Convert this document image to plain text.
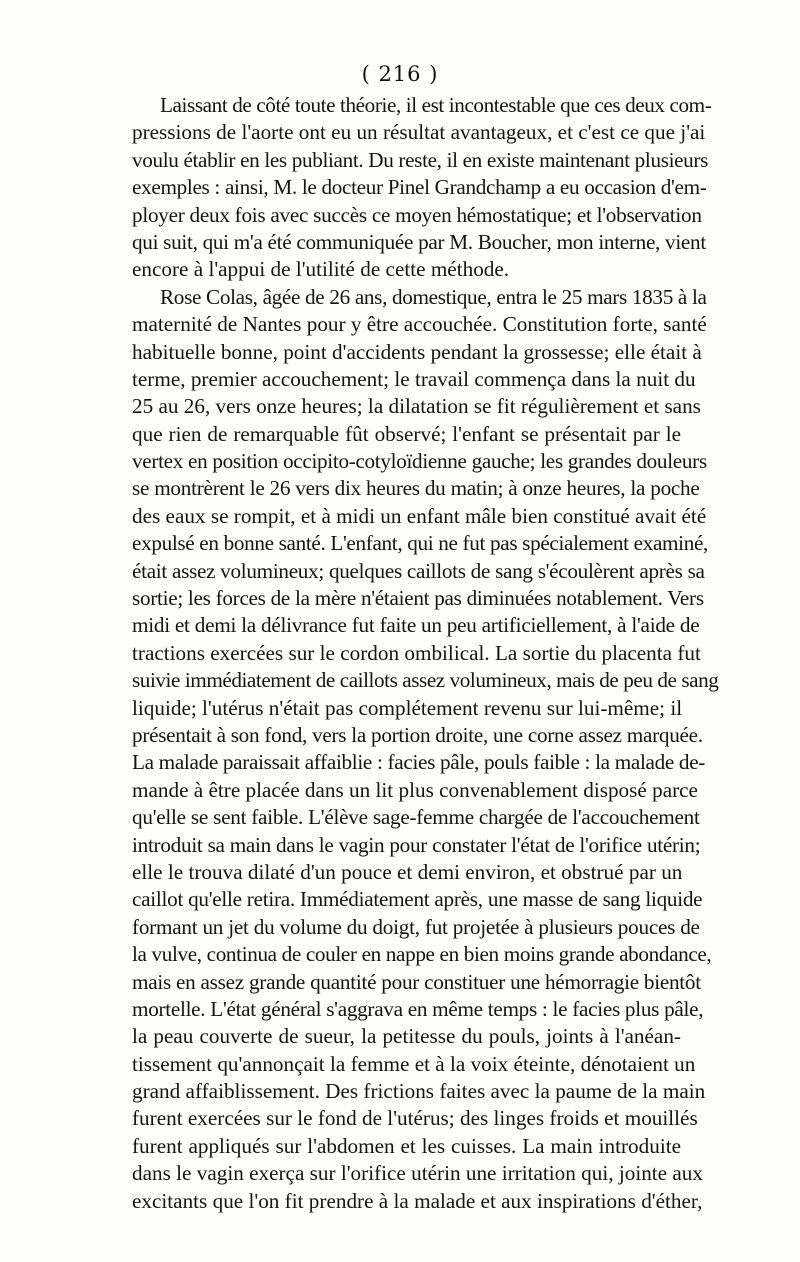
( 216 )
Laissant de côté toute théorie, il est incontestable que ces deux com-
pressions de l'aorte ont eu un résultat avantageux, et c'est ce que j'ai
voulu établir en les publiant. Du reste, il en existe maintenant plusieurs
exemples : ainsi, M. le docteur Pinel Grandchamp a eu occasion d'em-
ployer deux fois avec succès ce moyen hémostatique; et l'observation
qui suit, qui m'a été communiquée par M. Boucher, mon interne, vient
encore à l'appui de l'utilité de cette méthode.
Rose Colas, âgée de 26 ans, domestique, entra le 25 mars 1835 à la
maternité de Nantes pour y être accouchée. Constitution forte, santé
habituelle bonne, point d'accidents pendant la grossesse; elle était à
terme, premier accouchement; le travail commença dans la nuit du
25 au 26, vers onze heures; la dilatation se fit régulièrement et sans
que rien de remarquable fût observé; l'enfant se présentait par le
vertex en position occipito-cotyloïdienne gauche; les grandes douleurs
se montrèrent le 26 vers dix heures du matin; à onze heures, la poche
des eaux se rompit, et à midi un enfant mâle bien constitué avait été
expulsé en bonne santé. L'enfant, qui ne fut pas spécialement examiné,
était assez volumineux; quelques caillots de sang s'écoulèrent après sa
sortie; les forces de la mère n'étaient pas diminuées notablement. Vers
midi et demi la délivrance fut faite un peu artificiellement, à l'aide de
tractions exercées sur le cordon ombilical. La sortie du placenta fut
suivie immédiatement de caillots assez volumineux, mais de peu de sang
liquide; l'utérus n'était pas complétement revenu sur lui-même; il
présentait à son fond, vers la portion droite, une corne assez marquée.
La malade paraissait affaiblie : facies pâle, pouls faible : la malade de-
mande à être placée dans un lit plus convenablement disposé parce
qu'elle se sent faible. L'élève sage-femme chargée de l'accouchement
introduit sa main dans le vagin pour constater l'état de l'orifice utérin;
elle le trouva dilaté d'un pouce et demi environ, et obstrué par un
caillot qu'elle retira. Immédiatement après, une masse de sang liquide
formant un jet du volume du doigt, fut projetée à plusieurs pouces de
la vulve, continua de couler en nappe en bien moins grande abondance,
mais en assez grande quantité pour constituer une hémorragie bientôt
mortelle. L'état général s'aggrava en même temps : le facies plus pâle,
la peau couverte de sueur, la petitesse du pouls, joints à l'anéan-
tissement qu'annonçait la femme et à la voix éteinte, dénotaient un
grand affaiblissement. Des frictions faites avec la paume de la main
furent exercées sur le fond de l'utérus; des linges froids et mouillés
furent appliqués sur l'abdomen et les cuisses. La main introduite
dans le vagin exerça sur l'orifice utérin une irritation qui, jointe aux
excitants que l'on fit prendre à la malade et aux inspirations d'éther,
